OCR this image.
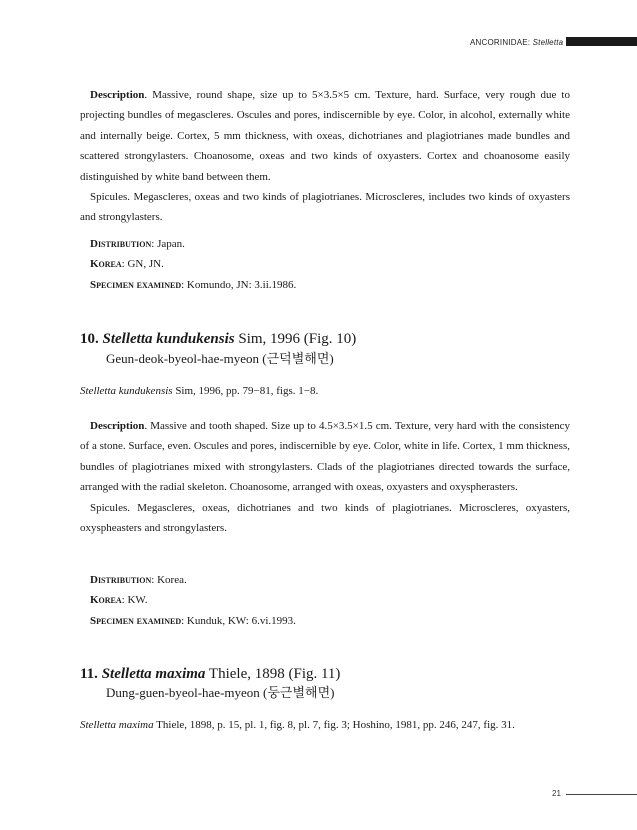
ANCORINIDAE: Stelletta

Description. Massive, round shape, size up to 5×3.5×5 cm. Texture, hard. Surface, very rough due to projecting bundles of megascleres. Oscules and pores, indiscernible by eye. Color, in alcohol, externally white and internally beige. Cortex, 5 mm thickness, with oxeas, dichotrianes and plagiotrianes made bundles and scattered strongylasters. Choanosome, oxeas and two kinds of oxyasters. Cortex and choanosome easily distinguished by white band between them.

Spicules. Megascleres, oxeas and two kinds of plagiotrianes. Microscleres, includes two kinds of oxyasters and strongylasters.

Distribution: Japan.

Korea: GN, JN.

Specimen examined: Komundo, JN: 3.ii.1986.

10. Stelletta kundukensis Sim, 1996 (Fig. 10)
Geun-deok-byeol-hae-myeon (근덕별해면)
Stelletta kundukensis Sim, 1996, pp. 79−81, figs. 1−8.

Description. Massive and tooth shaped. Size up to 4.5×3.5×1.5 cm. Texture, very hard with the consistency of a stone. Surface, even. Oscules and pores, indiscernible by eye. Color, white in life. Cortex, 1 mm thickness, bundles of plagiotrianes mixed with strongylasters. Clads of the plagiotrianes directed towards the surface, arranged with the radial skeleton. Choanosome, arranged with oxeas, oxyasters and oxyspherasters.

Spicules. Megascleres, oxeas, dichotrianes and two kinds of plagiotrianes. Microscleres, oxyasters, oxyspheasters and strongylasters.

Distribution: Korea.

Korea: KW.

Specimen examined: Kunduk, KW: 6.vi.1993.

11. Stelletta maxima Thiele, 1898 (Fig. 11)
Dung-guen-byeol-hae-myeon (둥근별해면)
Stelletta maxima Thiele, 1898, p. 15, pl. 1, fig. 8, pl. 7, fig. 3; Hoshino, 1981, pp. 246, 247, fig. 31.
21
